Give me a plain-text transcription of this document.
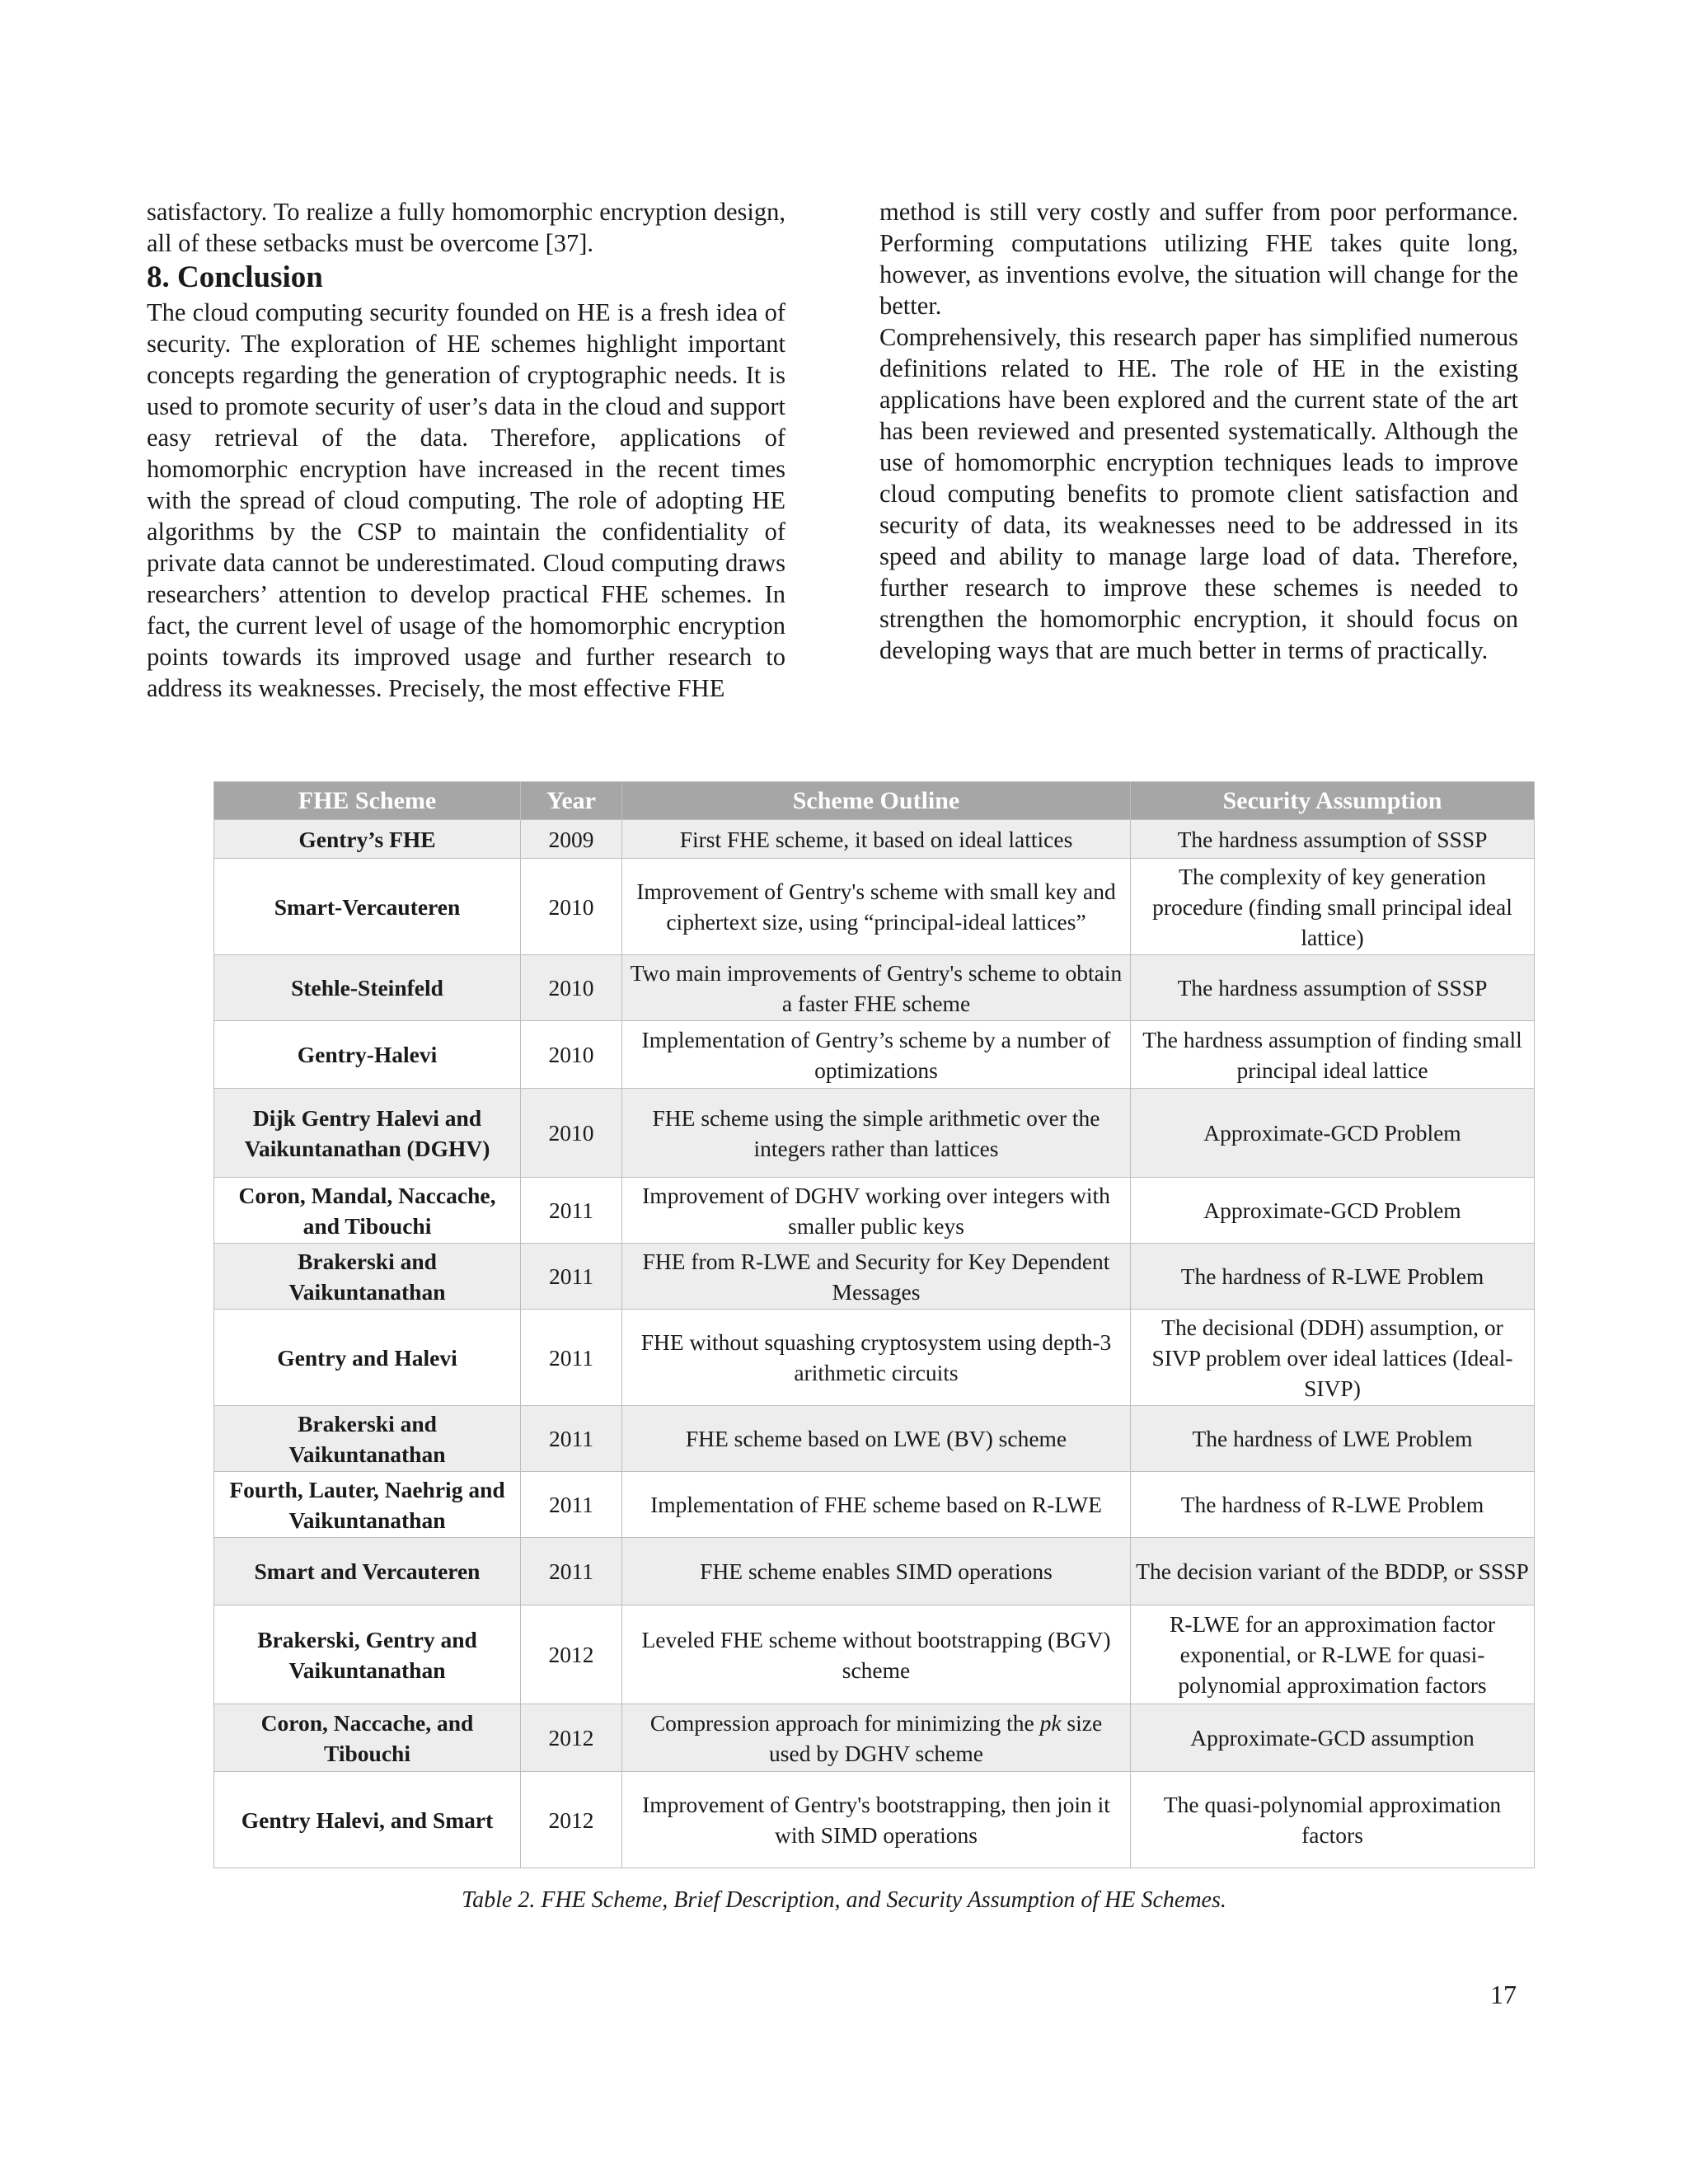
satisfactory. To realize a fully homomorphic encryption design, all of these setbacks must be overcome [37].

8. Conclusion

The cloud computing security founded on HE is a fresh idea of security. The exploration of HE schemes highlight important concepts regarding the generation of cryptographic needs. It is used to promote security of user’s data in the cloud and support easy retrieval of the data. Therefore, applications of homomorphic encryption have increased in the recent times with the spread of cloud computing. The role of adopting HE algorithms by the CSP to maintain the confidentiality of private data cannot be underestimated. Cloud computing draws researchers’ attention to develop practical FHE schemes. In fact, the current level of usage of the homomorphic encryption points towards its improved usage and further research to address its weaknesses. Precisely, the most effective FHE

method is still very costly and suffer from poor performance. Performing computations utilizing FHE takes quite long, however, as inventions evolve, the situation will change for the better.

Comprehensively, this research paper has simplified numerous definitions related to HE. The role of HE in the existing applications have been explored and the current state of the art has been reviewed and presented systematically. Although the use of homomorphic encryption techniques leads to improve cloud computing benefits to promote client satisfaction and security of data, its weaknesses need to be addressed in its speed and ability to manage large load of data. Therefore, further research to improve these schemes is needed to strengthen the homomorphic encryption, it should focus on developing ways that are much better in terms of practically.

FHE Scheme	Year	Scheme Outline	Security Assumption
Gentry’s FHE	2009	First FHE scheme, it based on ideal lattices	The hardness assumption of SSSP
Smart-Vercauteren	2010	Improvement of Gentry's scheme with small key and ciphertext size, using “principal-ideal lattices”	The complexity of key generation procedure (finding small principal ideal lattice)
Stehle-Steinfeld	2010	Two main improvements of Gentry's scheme to obtain a faster FHE scheme	The hardness assumption of SSSP
Gentry-Halevi	2010	Implementation of Gentry’s scheme by a number of optimizations	The hardness assumption of finding small principal ideal lattice
Dijk Gentry Halevi and Vaikuntanathan (DGHV)	2010	FHE scheme using the simple arithmetic over the integers rather than lattices	Approximate-GCD Problem
Coron, Mandal, Naccache, and Tibouchi	2011	Improvement of DGHV working over integers with smaller public keys	Approximate-GCD Problem
Brakerski and Vaikuntanathan	2011	FHE from R-LWE and Security for Key Dependent Messages	The hardness of R-LWE Problem
Gentry and Halevi	2011	FHE without squashing cryptosystem using depth-3 arithmetic circuits	The decisional (DDH) assumption, or SIVP problem over ideal lattices (Ideal-SIVP)
Brakerski and Vaikuntanathan	2011	FHE scheme based on LWE (BV) scheme	The hardness of LWE Problem
Fourth, Lauter, Naehrig and Vaikuntanathan	2011	Implementation of FHE scheme based on R-LWE	The hardness of R-LWE Problem
Smart and Vercauteren	2011	FHE scheme enables SIMD operations	The decision variant of the BDDP, or SSSP
Brakerski, Gentry and Vaikuntanathan	2012	Leveled FHE scheme without bootstrapping (BGV) scheme	R-LWE for an approximation factor exponential, or R-LWE for quasi-polynomial approximation factors
Coron, Naccache, and Tibouchi	2012	Compression approach for minimizing the pk size used by DGHV scheme	Approximate-GCD assumption
Gentry Halevi, and Smart	2012	Improvement of Gentry's bootstrapping, then join it with SIMD operations	The quasi-polynomial approximation factors
Table 2. FHE Scheme, Brief Description, and Security Assumption of HE Schemes.
17
